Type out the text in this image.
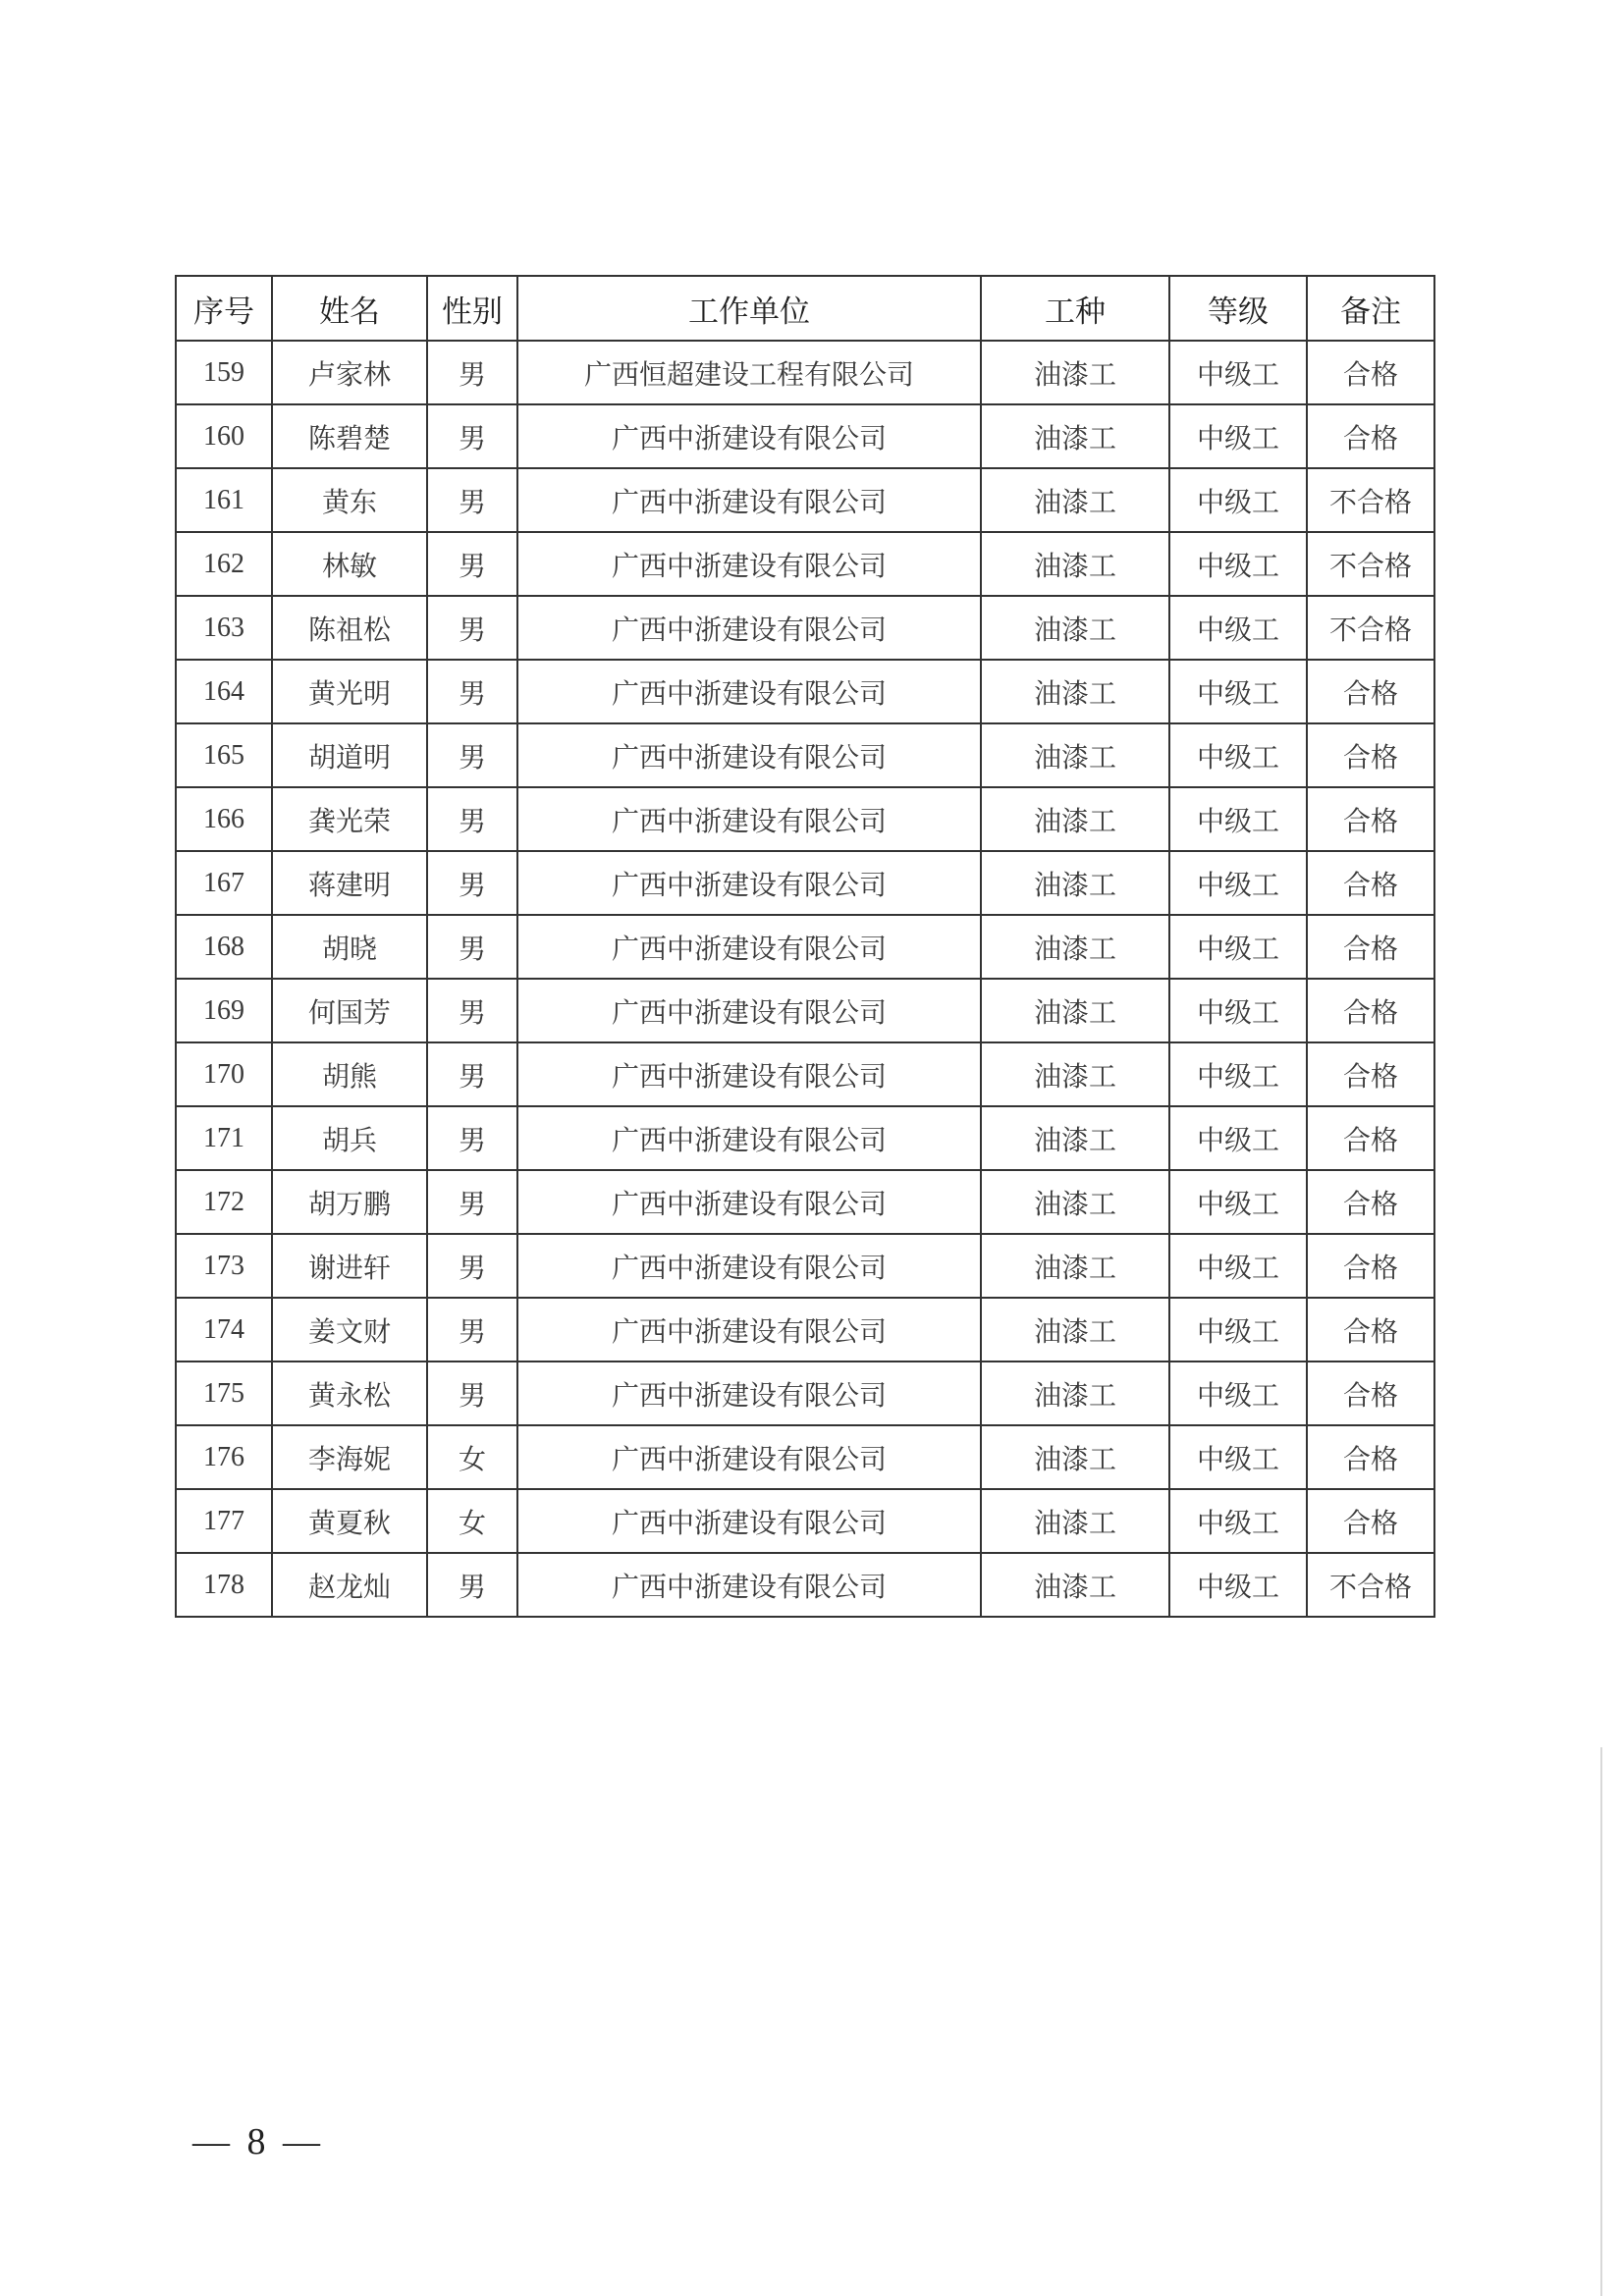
序号	姓名	性别	工作单位	工种	等级	备注
159	卢家林	男	广西恒超建设工程有限公司	油漆工	中级工	合格
160	陈碧楚	男	广西中浙建设有限公司	油漆工	中级工	合格
161	黄东	男	广西中浙建设有限公司	油漆工	中级工	不合格
162	林敏	男	广西中浙建设有限公司	油漆工	中级工	不合格
163	陈祖松	男	广西中浙建设有限公司	油漆工	中级工	不合格
164	黄光明	男	广西中浙建设有限公司	油漆工	中级工	合格
165	胡道明	男	广西中浙建设有限公司	油漆工	中级工	合格
166	龚光荣	男	广西中浙建设有限公司	油漆工	中级工	合格
167	蒋建明	男	广西中浙建设有限公司	油漆工	中级工	合格
168	胡晓	男	广西中浙建设有限公司	油漆工	中级工	合格
169	何国芳	男	广西中浙建设有限公司	油漆工	中级工	合格
170	胡熊	男	广西中浙建设有限公司	油漆工	中级工	合格
171	胡兵	男	广西中浙建设有限公司	油漆工	中级工	合格
172	胡万鹏	男	广西中浙建设有限公司	油漆工	中级工	合格
173	谢进轩	男	广西中浙建设有限公司	油漆工	中级工	合格
174	姜文财	男	广西中浙建设有限公司	油漆工	中级工	合格
175	黄永松	男	广西中浙建设有限公司	油漆工	中级工	合格
176	李海妮	女	广西中浙建设有限公司	油漆工	中级工	合格
177	黄夏秋	女	广西中浙建设有限公司	油漆工	中级工	合格
178	赵龙灿	男	广西中浙建设有限公司	油漆工	中级工	不合格
— 8 —
